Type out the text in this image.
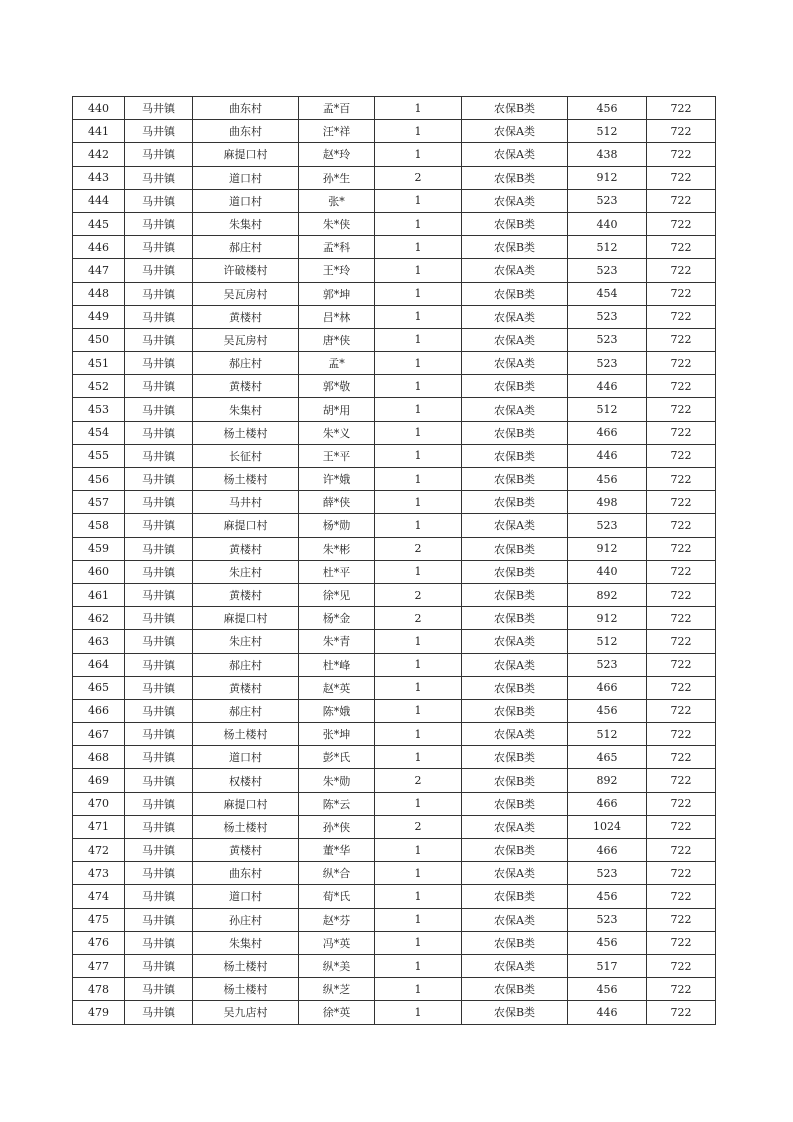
440	马井镇	曲东村	孟*百	1	农保B类	456	722
441	马井镇	曲东村	汪*祥	1	农保A类	512	722
442	马井镇	麻提口村	赵*玲	1	农保A类	438	722
443	马井镇	道口村	孙*生	2	农保B类	912	722
444	马井镇	道口村	张*	1	农保A类	523	722
445	马井镇	朱集村	朱*侠	1	农保B类	440	722
446	马井镇	郝庄村	孟*科	1	农保B类	512	722
447	马井镇	许破楼村	王*玲	1	农保A类	523	722
448	马井镇	吴瓦房村	郭*坤	1	农保B类	454	722
449	马井镇	黄楼村	吕*林	1	农保A类	523	722
450	马井镇	吴瓦房村	唐*侠	1	农保A类	523	722
451	马井镇	郝庄村	孟*	1	农保A类	523	722
452	马井镇	黄楼村	郭*敬	1	农保B类	446	722
453	马井镇	朱集村	胡*用	1	农保A类	512	722
454	马井镇	杨土楼村	朱*义	1	农保B类	466	722
455	马井镇	长征村	王*平	1	农保B类	446	722
456	马井镇	杨土楼村	许*娥	1	农保B类	456	722
457	马井镇	马井村	薛*侠	1	农保B类	498	722
458	马井镇	麻提口村	杨*勋	1	农保A类	523	722
459	马井镇	黄楼村	朱*彬	2	农保B类	912	722
460	马井镇	朱庄村	杜*平	1	农保B类	440	722
461	马井镇	黄楼村	徐*见	2	农保B类	892	722
462	马井镇	麻提口村	杨*金	2	农保B类	912	722
463	马井镇	朱庄村	朱*青	1	农保A类	512	722
464	马井镇	郝庄村	杜*峰	1	农保A类	523	722
465	马井镇	黄楼村	赵*英	1	农保B类	466	722
466	马井镇	郝庄村	陈*娥	1	农保B类	456	722
467	马井镇	杨土楼村	张*坤	1	农保A类	512	722
468	马井镇	道口村	彭*氏	1	农保B类	465	722
469	马井镇	权楼村	朱*勋	2	农保B类	892	722
470	马井镇	麻提口村	陈*云	1	农保B类	466	722
471	马井镇	杨土楼村	孙*侠	2	农保A类	1024	722
472	马井镇	黄楼村	董*华	1	农保B类	466	722
473	马井镇	曲东村	纵*合	1	农保A类	523	722
474	马井镇	道口村	荀*氏	1	农保B类	456	722
475	马井镇	孙庄村	赵*芬	1	农保A类	523	722
476	马井镇	朱集村	冯*英	1	农保B类	456	722
477	马井镇	杨土楼村	纵*美	1	农保A类	517	722
478	马井镇	杨土楼村	纵*芝	1	农保B类	456	722
479	马井镇	吴九店村	徐*英	1	农保B类	446	722
